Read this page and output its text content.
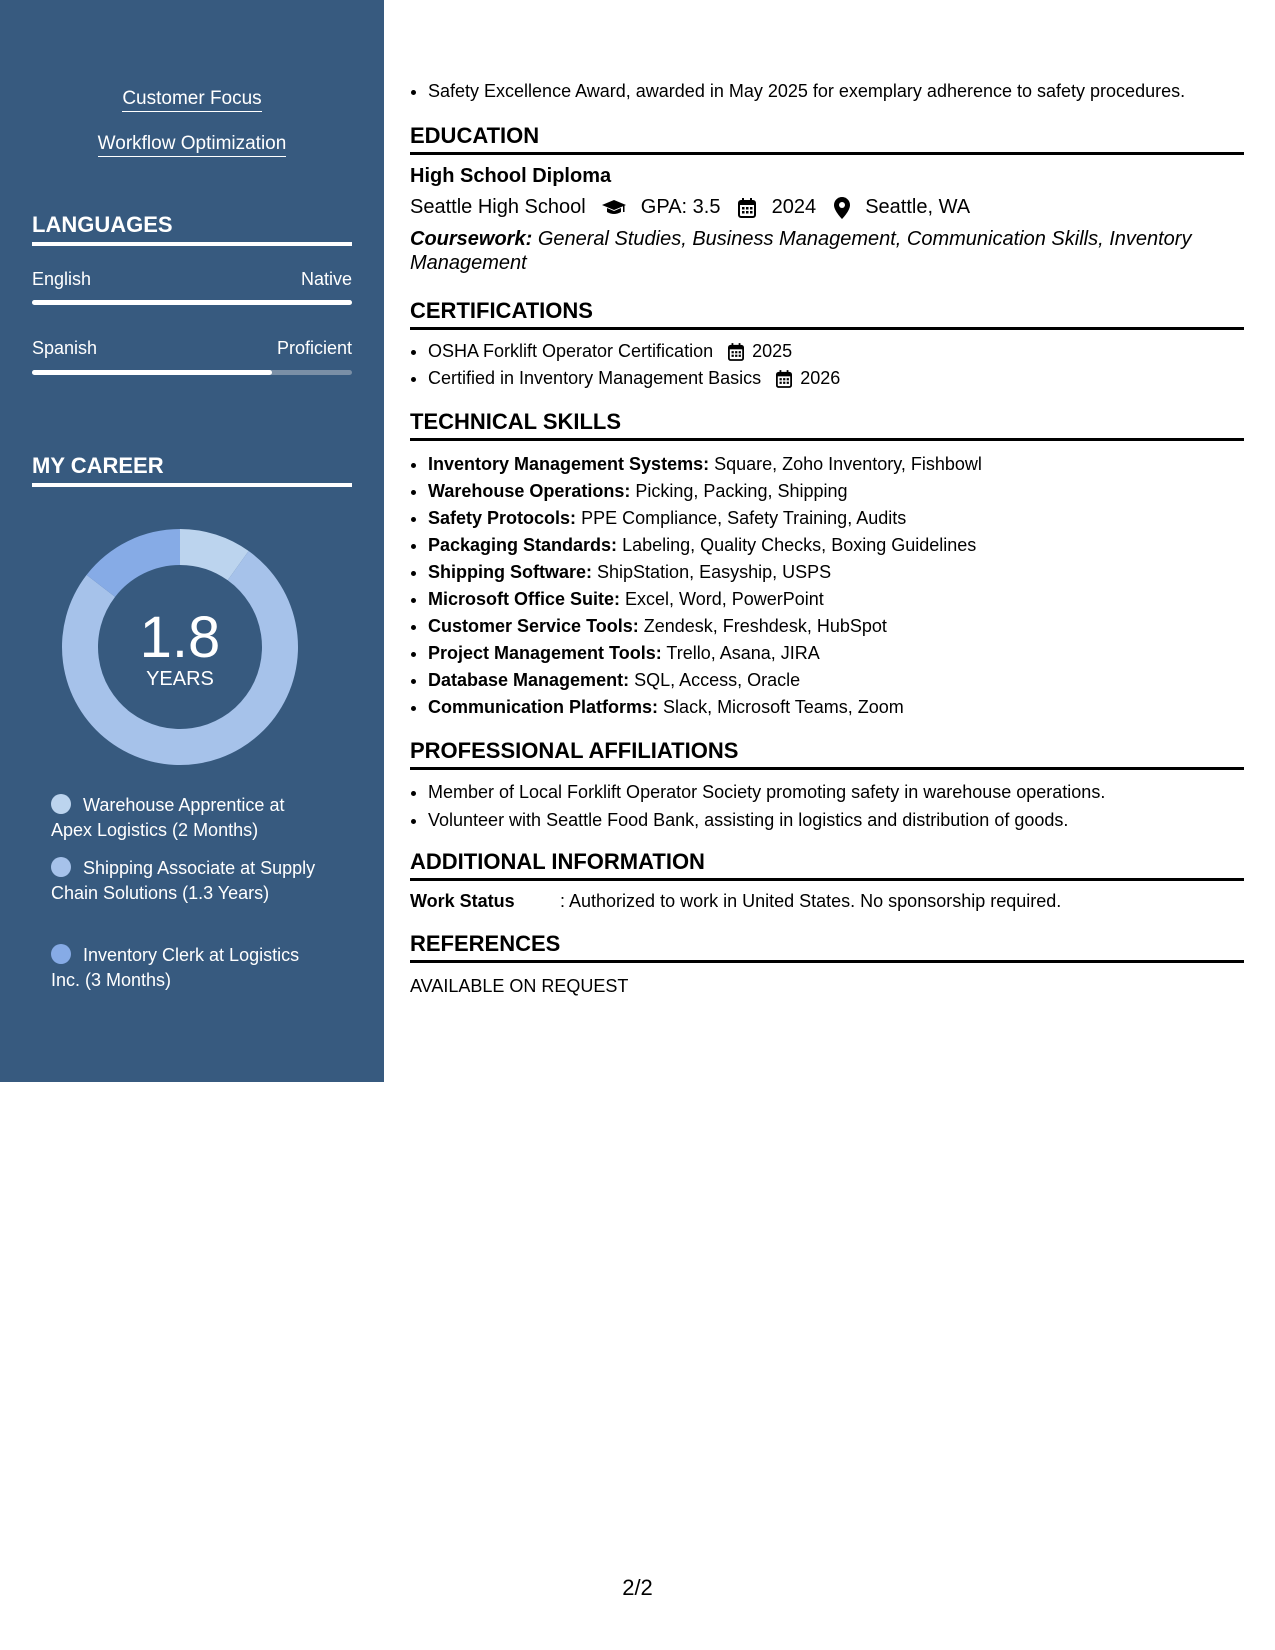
Customer Focus
Workflow Optimization
LANGUAGES
English	Native
Spanish	Proficient
MY CAREER
1.8
YEARS
Warehouse Apprentice at Apex Logistics (2 Months)
Shipping Associate at Supply Chain Solutions (1.3 Years)
Inventory Clerk at Logistics Inc. (3 Months)
• Safety Excellence Award, awarded in May 2025 for exemplary adherence to safety procedures.
EDUCATION
High School Diploma
Seattle High School	GPA: 3.5	2024 Seattle, WA
Coursework: General Studies, Business Management, Communication Skills, Inventory Management
CERTIFICATIONS
• OSHA Forklift Operator Certification 2025
• Certified in Inventory Management Basics 2026
TECHNICAL SKILLS
• Inventory Management Systems: Square, Zoho Inventory, Fishbowl
• Warehouse Operations: Picking, Packing, Shipping
• Safety Protocols: PPE Compliance, Safety Training, Audits
• Packaging Standards: Labeling, Quality Checks, Boxing Guidelines
• Shipping Software: ShipStation, Easyship, USPS
• Microsoft Office Suite: Excel, Word, PowerPoint
• Customer Service Tools: Zendesk, Freshdesk, HubSpot
• Project Management Tools: Trello, Asana, JIRA
• Database Management: SQL, Access, Oracle
• Communication Platforms: Slack, Microsoft Teams, Zoom
PROFESSIONAL AFFILIATIONS
• Member of Local Forklift Operator Society promoting safety in warehouse operations.
• Volunteer with Seattle Food Bank, assisting in logistics and distribution of goods.
ADDITIONAL INFORMATION
Work Status	: Authorized to work in United States. No sponsorship required.
REFERENCES
AVAILABLE ON REQUEST
2/2
